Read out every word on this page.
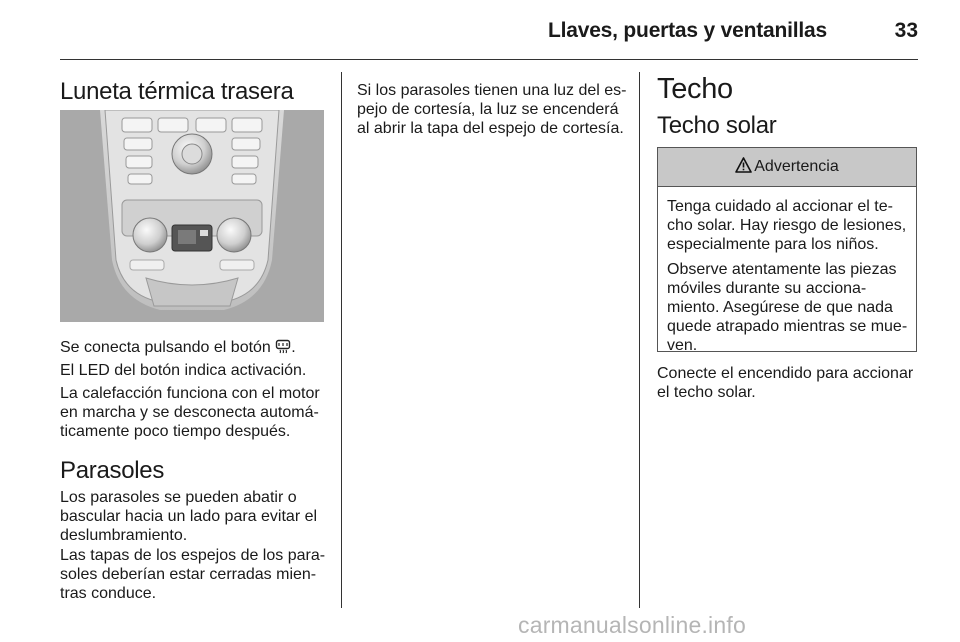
Llaves, puertas y ventanillas	33
Luneta térmica trasera

Se conecta pulsando el botón .

El LED del botón indica activación.

La calefacción funciona con el motor
en marcha y se desconecta automá-
ticamente poco tiempo después.

Parasoles

Los parasoles se pueden abatir o
bascular hacia un lado para evitar el
deslumbramiento.

Las tapas de los espejos de los para-
soles deberían estar cerradas mien-
tras conduce.

Si los parasoles tienen una luz del es-
pejo de cortesía, la luz se encenderá
al abrir la tapa del espejo de cortesía.

Techo
Techo solar
Advertencia

Tenga cuidado al accionar el te-
cho solar. Hay riesgo de lesiones,
especialmente para los niños.

Observe atentamente las piezas
móviles durante su acciona-
miento. Asegúrese de que nada
quede atrapado mientras se mue-
ven.

Conecte el encendido para accionar
el techo solar.

carmanualsonline.info
